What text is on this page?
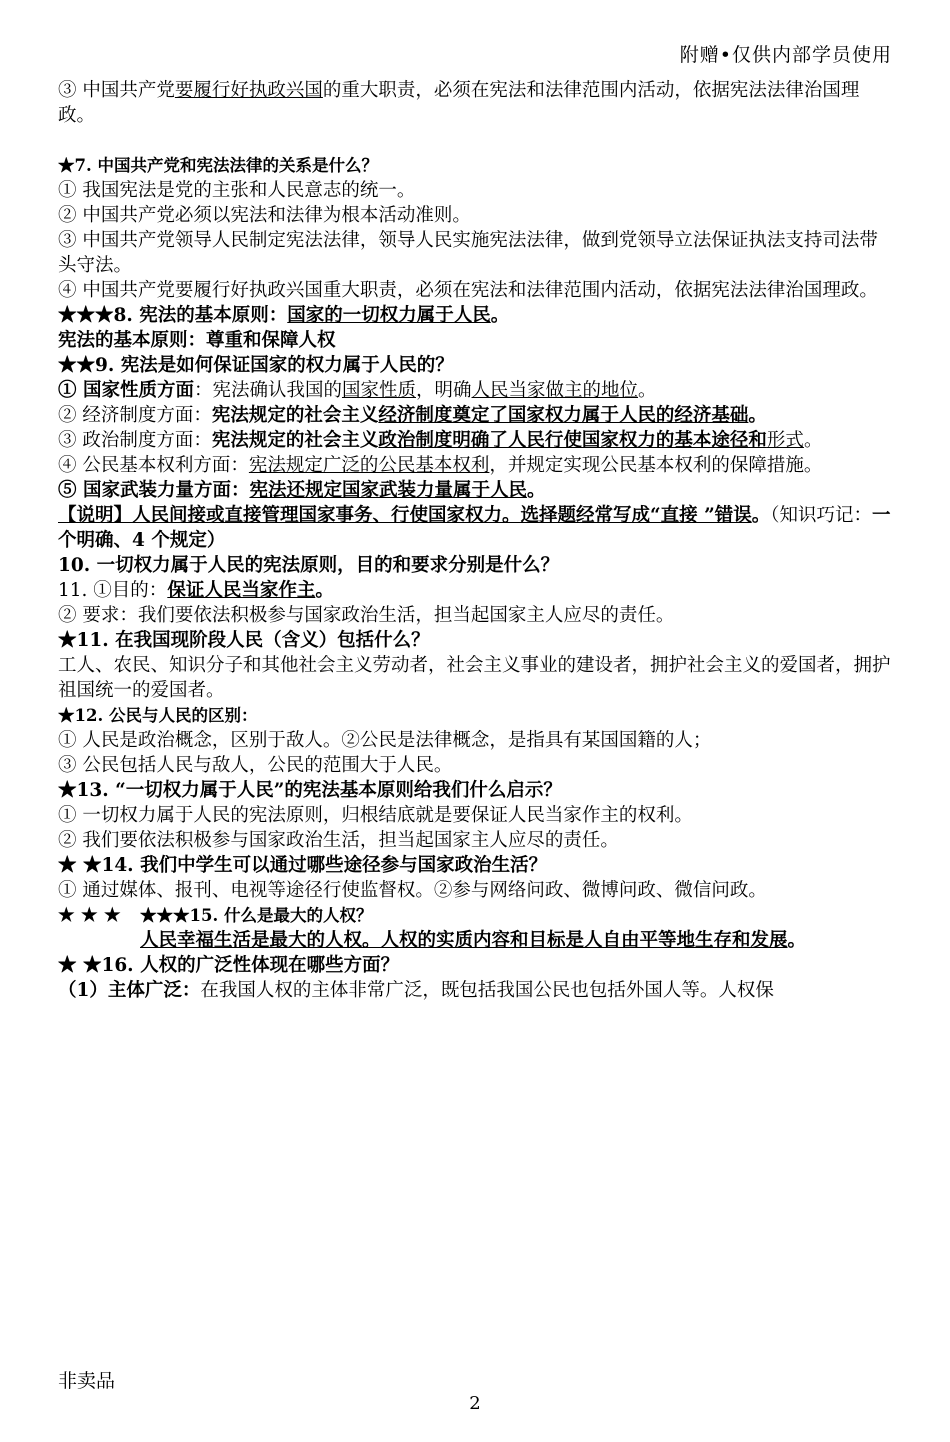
附赠•仅供内部学员使用

③ 中国共产党要履行好执政兴国的重大职责，必须在宪法和法律范围内活动，依据宪法法律治国理政。

★7. 中国共产党和宪法法律的关系是什么？

① 我国宪法是党的主张和人民意志的统一。

② 中国共产党必须以宪法和法律为根本活动准则。

③ 中国共产党领导人民制定宪法法律，领导人民实施宪法法律，做到党领导立法保证执法支持司法带头守法。

④ 中国共产党要履行好执政兴国重大职责，必须在宪法和法律范围内活动，依据宪法法律治国理政。

★★★8. 宪法的基本原则：国家的一切权力属于人民。

宪法的基本原则：尊重和保障人权

★★9. 宪法是如何保证国家的权力属于人民的？

① 国家性质方面：宪法确认我国的国家性质，明确人民当家做主的地位。

② 经济制度方面：宪法规定的社会主义经济制度奠定了国家权力属于人民的经济基础。

③ 政治制度方面：宪法规定的社会主义政治制度明确了人民行使国家权力的基本途径和形式。

④ 公民基本权利方面：宪法规定广泛的公民基本权利，并规定实现公民基本权利的保障措施。

⑤ 国家武装力量方面：宪法还规定国家武装力量属于人民。

【说明】人民间接或直接管理国家事务、行使国家权力。选择题经常写成“直接 ”错误。（知识巧记：一个明确、4 个规定）

10. 一切权力属于人民的宪法原则，目的和要求分别是什么？

11. ①目的：保证人民当家作主。

② 要求：我们要依法积极参与国家政治生活，担当起国家主人应尽的责任。

★11. 在我国现阶段人民（含义）包括什么？

工人、农民、知识分子和其他社会主义劳动者，社会主义事业的建设者，拥护社会主义的爱国者，拥护祖国统一的爱国者。

★12. 公民与人民的区别：

① 人民是政治概念，区别于敌人。②公民是法律概念，是指具有某国国籍的人；

③ 公民包括人民与敌人，公民的范围大于人民。

★13. “一切权力属于人民”的宪法基本原则给我们什么启示？

① 一切权力属于人民的宪法原则，归根结底就是要保证人民当家作主的权利。

② 我们要依法积极参与国家政治生活，担当起国家主人应尽的责任。

★ ★14. 我们中学生可以通过哪些途径参与国家政治生活？

① 通过媒体、报刊、电视等途径行使监督权。②参与网络问政、微博问政、微信问政。

★ ★ ★	★★★15. 什么是最大的人权？

人民幸福生活是最大的人权。人权的实质内容和目标是人自由平等地生存和发展。

★ ★16. 人权的广泛性体现在哪些方面？

（1）主体广泛：在我国人权的主体非常广泛，既包括我国公民也包括外国人等。人权保

非卖品
2
